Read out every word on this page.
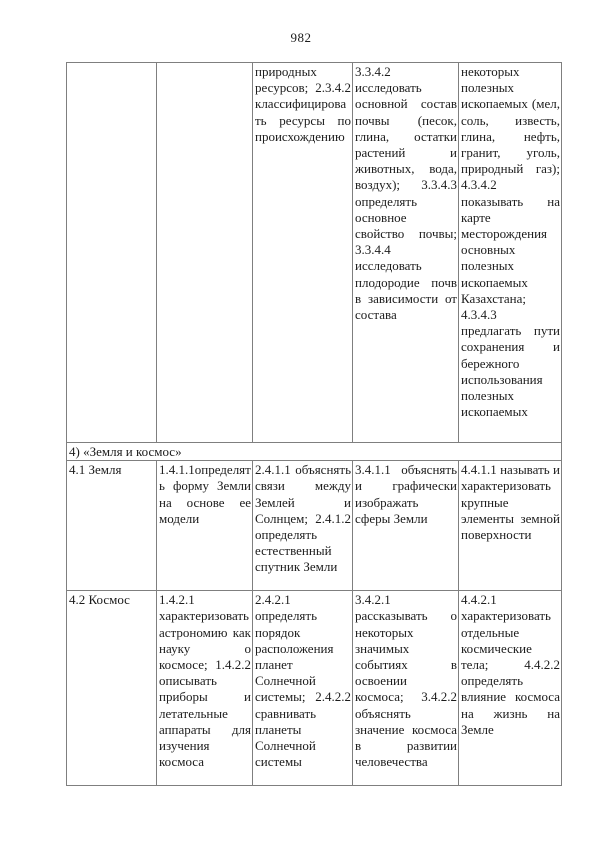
982
		природных ресурсов; 2.3.4.2 классифицировать ресурсы по происхождению	3.3.4.2 исследовать основной состав почвы (песок, глина, остатки растений и животных, вода, воздух); 3.3.4.3 определять основное свойство почвы; 3.3.4.4 исследовать плодородие почв в зависимости от состава	некоторых полезных ископаемых (мел, соль, известь, глина, нефть, гранит, уголь, природный газ); 4.3.4.2 показывать на карте месторождения основных полезных ископаемых Казахстана; 4.3.4.3 предлагать пути сохранения и бережного использования полезных ископаемых
4) «Земля и космос»				
4.1 Земля	1.4.1.1определять форму Земли на основе ее модели	2.4.1.1 объяснять связи между Землей и Солнцем; 2.4.1.2 определять естественный спутник Земли	3.4.1.1 объяснять и графически изображать сферы Земли	4.4.1.1 называть и характеризовать крупные элементы земной поверхности
4.2 Космос	1.4.2.1 характеризовать астрономию как науку о космосе; 1.4.2.2 описывать приборы и летательные аппараты для изучения космоса	2.4.2.1 определять порядок расположения планет Солнечной системы; 2.4.2.2 сравнивать планеты Солнечной системы	3.4.2.1 рассказывать о некоторых значимых событиях в освоении космоса; 3.4.2.2 объяснять значение космоса в развитии человечества	4.4.2.1 характеризовать отдельные космические тела; 4.4.2.2 определять влияние космоса на жизнь на Земле
